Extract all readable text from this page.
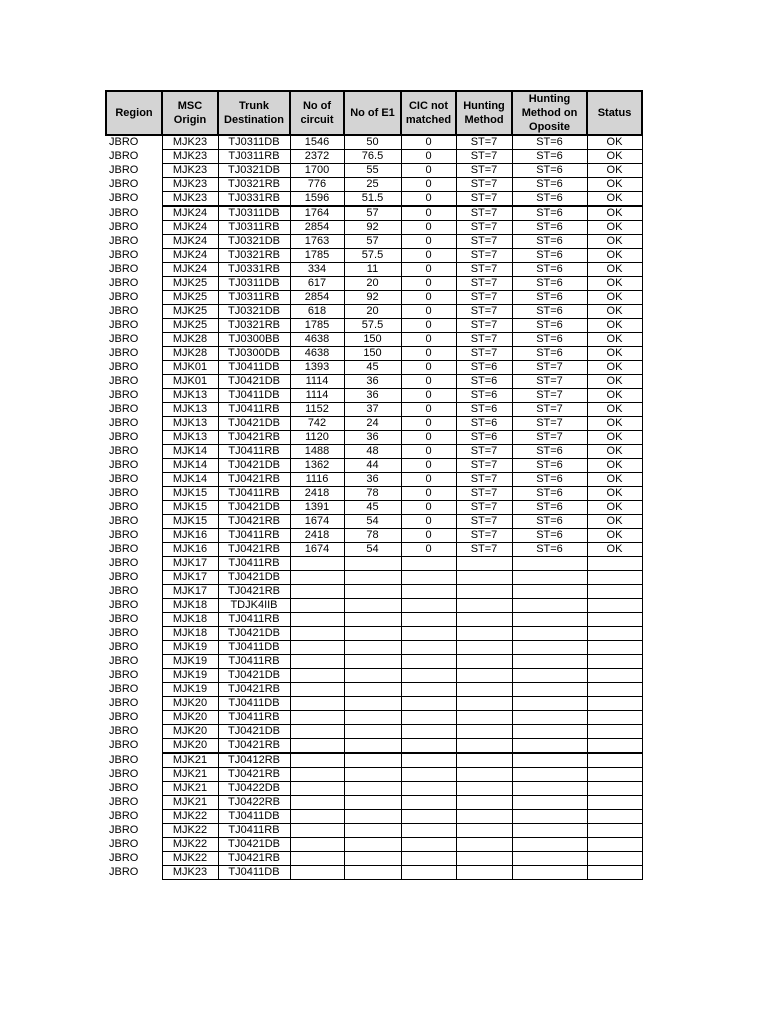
Region	MSC Origin	Trunk Destination	No of circuit	No of E1	CIC not matched	Hunting Method	Hunting Method on Oposite	Status
JBRO	MJK23	TJ0311DB	1546	50	0	ST=7	ST=6	OK
JBRO	MJK23	TJ0311RB	2372	76.5	0	ST=7	ST=6	OK
JBRO	MJK23	TJ0321DB	1700	55	0	ST=7	ST=6	OK
JBRO	MJK23	TJ0321RB	776	25	0	ST=7	ST=6	OK
JBRO	MJK23	TJ0331RB	1596	51.5	0	ST=7	ST=6	OK
JBRO	MJK24	TJ0311DB	1764	57	0	ST=7	ST=6	OK
JBRO	MJK24	TJ0311RB	2854	92	0	ST=7	ST=6	OK
JBRO	MJK24	TJ0321DB	1763	57	0	ST=7	ST=6	OK
JBRO	MJK24	TJ0321RB	1785	57.5	0	ST=7	ST=6	OK
JBRO	MJK24	TJ0331RB	334	11	0	ST=7	ST=6	OK
JBRO	MJK25	TJ0311DB	617	20	0	ST=7	ST=6	OK
JBRO	MJK25	TJ0311RB	2854	92	0	ST=7	ST=6	OK
JBRO	MJK25	TJ0321DB	618	20	0	ST=7	ST=6	OK
JBRO	MJK25	TJ0321RB	1785	57.5	0	ST=7	ST=6	OK
JBRO	MJK28	TJ0300BB	4638	150	0	ST=7	ST=6	OK
JBRO	MJK28	TJ0300DB	4638	150	0	ST=7	ST=6	OK
JBRO	MJK01	TJ0411DB	1393	45	0	ST=6	ST=7	OK
JBRO	MJK01	TJ0421DB	1114	36	0	ST=6	ST=7	OK
JBRO	MJK13	TJ0411DB	1114	36	0	ST=6	ST=7	OK
JBRO	MJK13	TJ0411RB	1152	37	0	ST=6	ST=7	OK
JBRO	MJK13	TJ0421DB	742	24	0	ST=6	ST=7	OK
JBRO	MJK13	TJ0421RB	1120	36	0	ST=6	ST=7	OK
JBRO	MJK14	TJ0411RB	1488	48	0	ST=7	ST=6	OK
JBRO	MJK14	TJ0421DB	1362	44	0	ST=7	ST=6	OK
JBRO	MJK14	TJ0421RB	1116	36	0	ST=7	ST=6	OK
JBRO	MJK15	TJ0411RB	2418	78	0	ST=7	ST=6	OK
JBRO	MJK15	TJ0421DB	1391	45	0	ST=7	ST=6	OK
JBRO	MJK15	TJ0421RB	1674	54	0	ST=7	ST=6	OK
JBRO	MJK16	TJ0411RB	2418	78	0	ST=7	ST=6	OK
JBRO	MJK16	TJ0421RB	1674	54	0	ST=7	ST=6	OK
JBRO	MJK17	TJ0411RB						
JBRO	MJK17	TJ0421DB						
JBRO	MJK17	TJ0421RB						
JBRO	MJK18	TDJK4IIB						
JBRO	MJK18	TJ0411RB						
JBRO	MJK18	TJ0421DB						
JBRO	MJK19	TJ0411DB						
JBRO	MJK19	TJ0411RB						
JBRO	MJK19	TJ0421DB						
JBRO	MJK19	TJ0421RB						
JBRO	MJK20	TJ0411DB						
JBRO	MJK20	TJ0411RB						
JBRO	MJK20	TJ0421DB						
JBRO	MJK20	TJ0421RB						
JBRO	MJK21	TJ0412RB						
JBRO	MJK21	TJ0421RB						
JBRO	MJK21	TJ0422DB						
JBRO	MJK21	TJ0422RB						
JBRO	MJK22	TJ0411DB						
JBRO	MJK22	TJ0411RB						
JBRO	MJK22	TJ0421DB						
JBRO	MJK22	TJ0421RB						
JBRO	MJK23	TJ0411DB						
